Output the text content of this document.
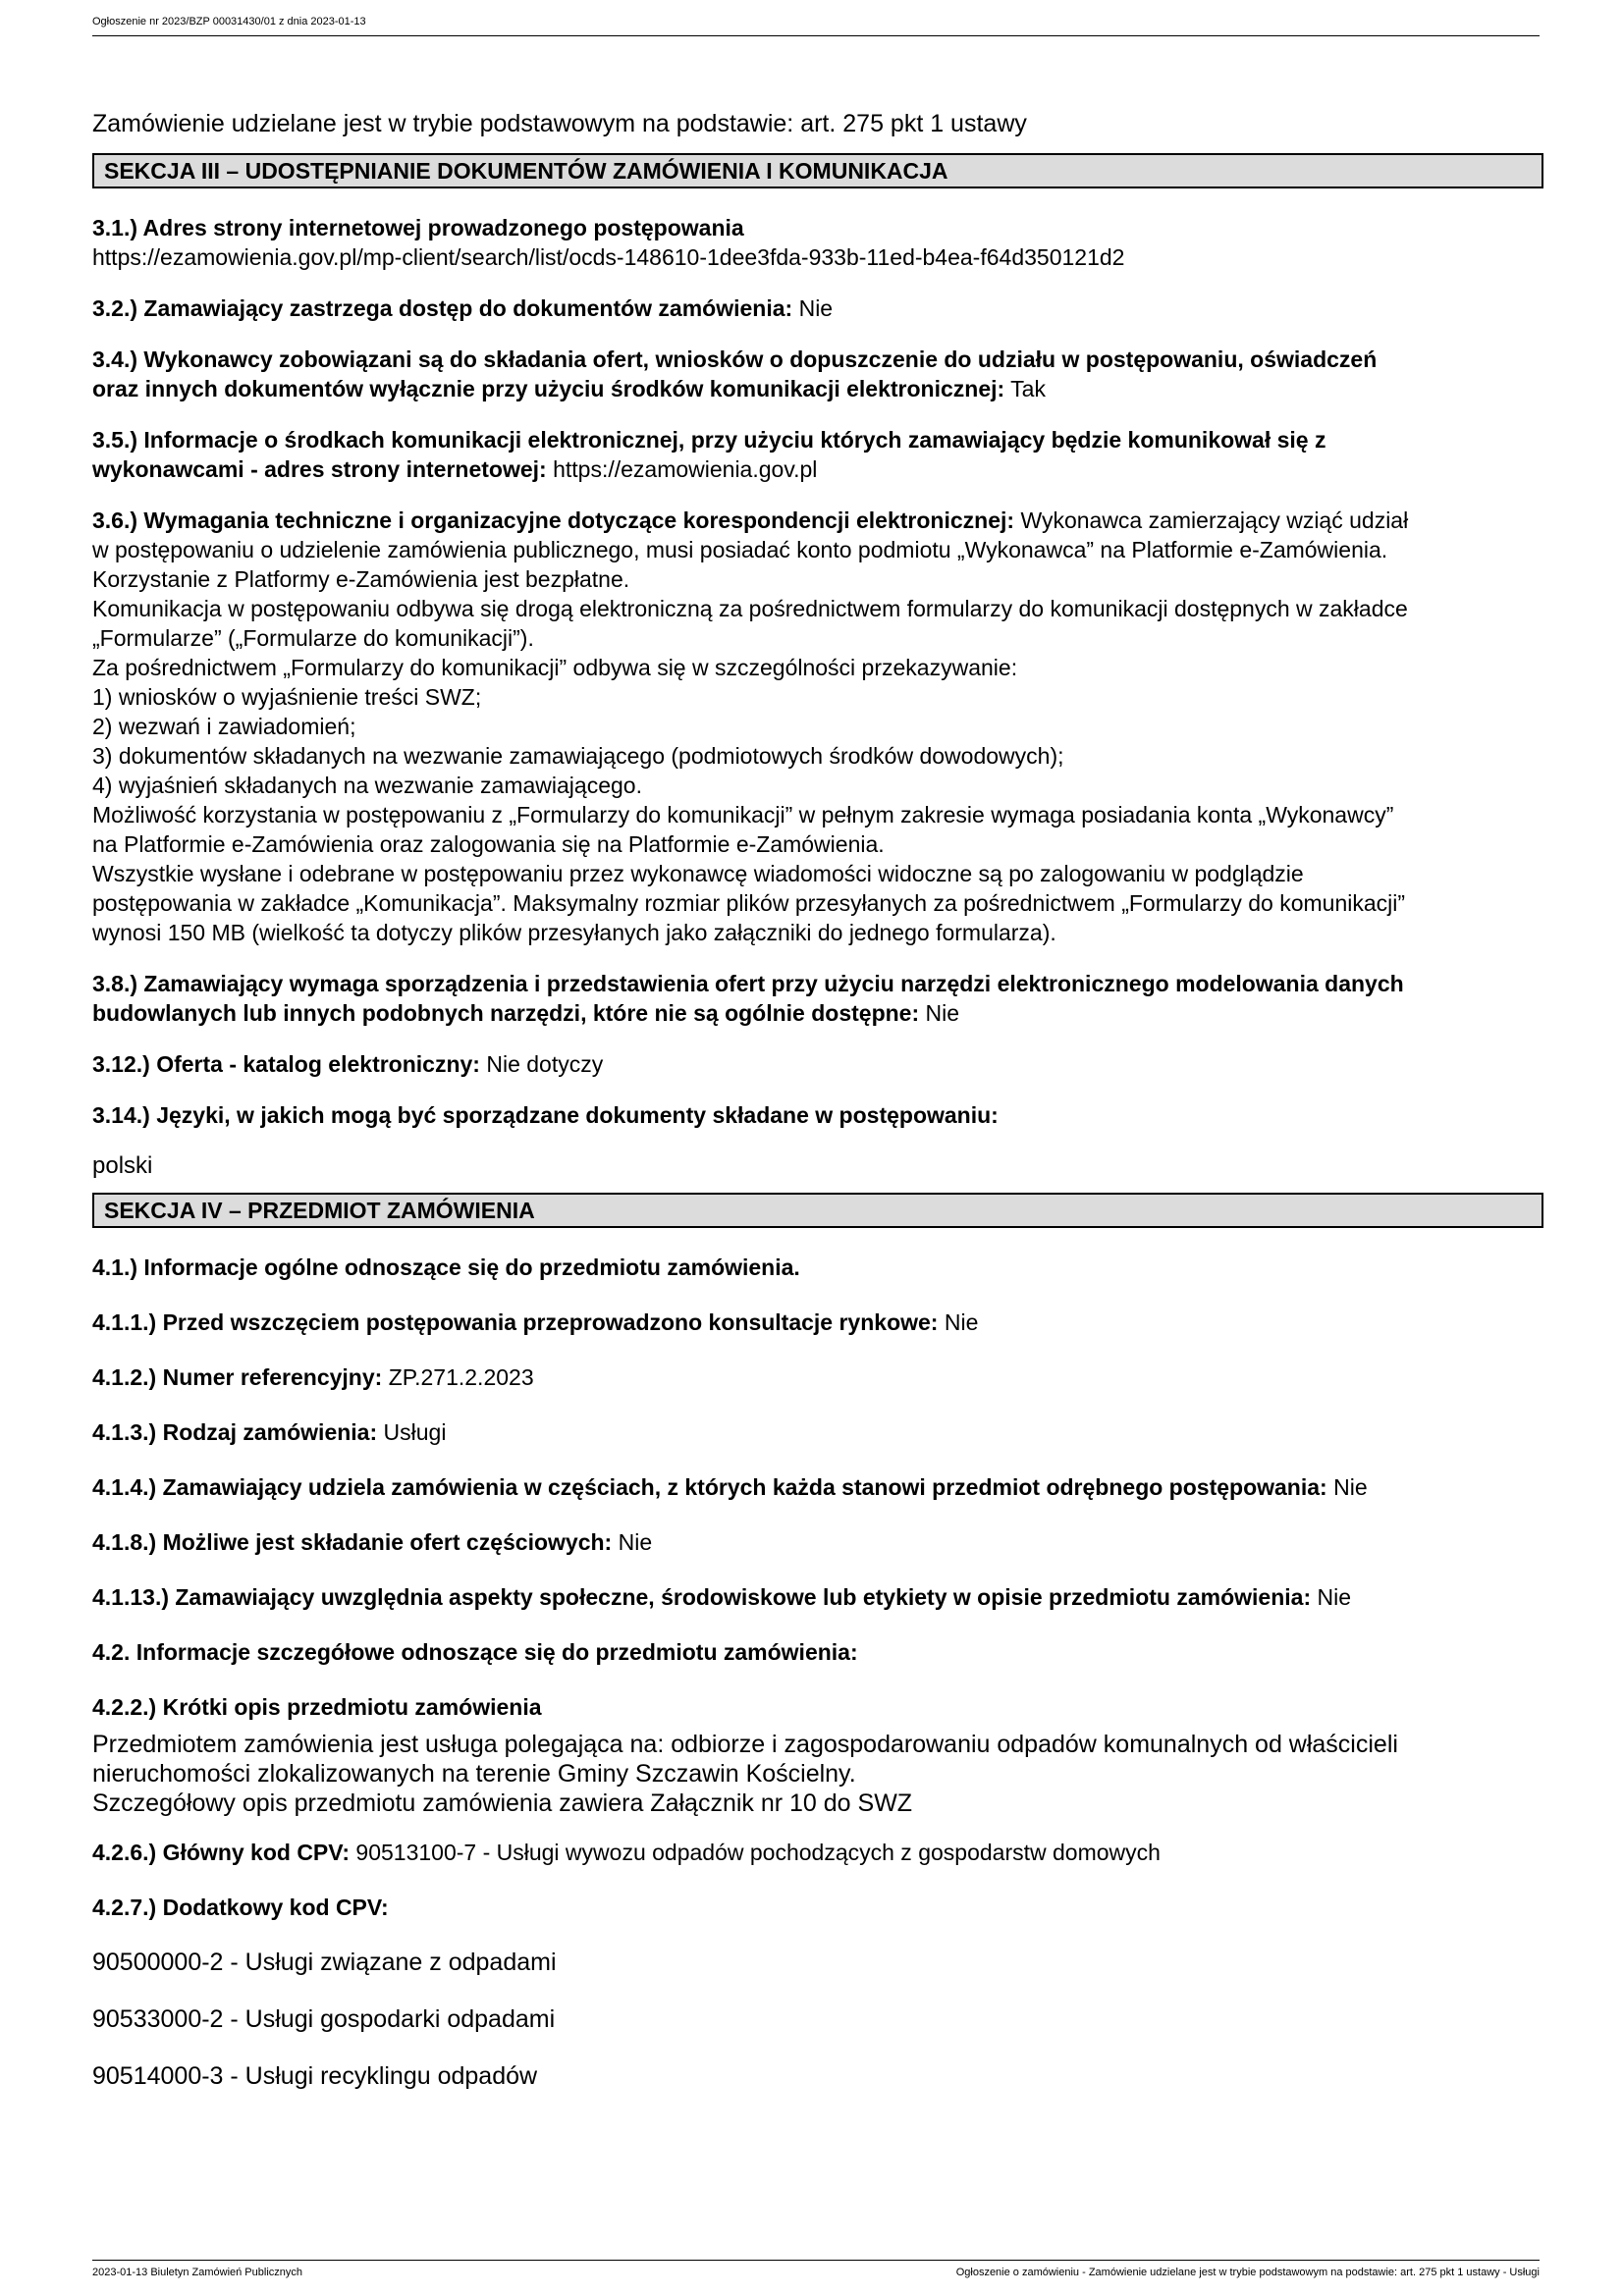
Ogłoszenie nr 2023/BZP 00031430/01 z dnia 2023-01-13
Zamówienie udzielane jest w trybie podstawowym na podstawie: art. 275 pkt 1 ustawy
SEKCJA III – UDOSTĘPNIANIE DOKUMENTÓW ZAMÓWIENIA I KOMUNIKACJA
3.1.) Adres strony internetowej prowadzonego postępowania
https://ezamowienia.gov.pl/mp-client/search/list/ocds-148610-1dee3fda-933b-11ed-b4ea-f64d350121d2
3.2.) Zamawiający zastrzega dostęp do dokumentów zamówienia: Nie
3.4.) Wykonawcy zobowiązani są do składania ofert, wniosków o dopuszczenie do udziału w postępowaniu, oświadczeń
oraz innych dokumentów wyłącznie przy użyciu środków komunikacji elektronicznej: Tak
3.5.) Informacje o środkach komunikacji elektronicznej, przy użyciu których zamawiający będzie komunikował się z
wykonawcami - adres strony internetowej: https://ezamowienia.gov.pl
3.6.) Wymagania techniczne i organizacyjne dotyczące korespondencji elektronicznej: Wykonawca zamierzający wziąć udział
w postępowaniu o udzielenie zamówienia publicznego, musi posiadać konto podmiotu „Wykonawca” na Platformie e-Zamówienia.
Korzystanie z Platformy e-Zamówienia jest bezpłatne.
Komunikacja w postępowaniu odbywa się drogą elektroniczną za pośrednictwem formularzy do komunikacji dostępnych w zakładce
„Formularze” („Formularze do komunikacji”).
Za pośrednictwem „Formularzy do komunikacji” odbywa się w szczególności przekazywanie:
1) wniosków o wyjaśnienie treści SWZ;
2) wezwań i zawiadomień;
3) dokumentów składanych na wezwanie zamawiającego (podmiotowych środków dowodowych);
4) wyjaśnień składanych na wezwanie zamawiającego.
Możliwość korzystania w postępowaniu z „Formularzy do komunikacji” w pełnym zakresie wymaga posiadania konta „Wykonawcy”
na Platformie e-Zamówienia oraz zalogowania się na Platformie e-Zamówienia.
Wszystkie wysłane i odebrane w postępowaniu przez wykonawcę wiadomości widoczne są po zalogowaniu w podglądzie
postępowania w zakładce „Komunikacja”. Maksymalny rozmiar plików przesyłanych za pośrednictwem „Formularzy do komunikacji”
wynosi 150 MB (wielkość ta dotyczy plików przesyłanych jako załączniki do jednego formularza).
3.8.) Zamawiający wymaga sporządzenia i przedstawienia ofert przy użyciu narzędzi elektronicznego modelowania danych
budowlanych lub innych podobnych narzędzi, które nie są ogólnie dostępne: Nie
3.12.) Oferta - katalog elektroniczny: Nie dotyczy
3.14.) Języki, w jakich mogą być sporządzane dokumenty składane w postępowaniu:
polski
SEKCJA IV – PRZEDMIOT ZAMÓWIENIA
4.1.) Informacje ogólne odnoszące się do przedmiotu zamówienia.
4.1.1.) Przed wszczęciem postępowania przeprowadzono konsultacje rynkowe: Nie
4.1.2.) Numer referencyjny: ZP.271.2.2023
4.1.3.) Rodzaj zamówienia: Usługi
4.1.4.) Zamawiający udziela zamówienia w częściach, z których każda stanowi przedmiot odrębnego postępowania: Nie
4.1.8.) Możliwe jest składanie ofert częściowych: Nie
4.1.13.) Zamawiający uwzględnia aspekty społeczne, środowiskowe lub etykiety w opisie przedmiotu zamówienia: Nie
4.2. Informacje szczegółowe odnoszące się do przedmiotu zamówienia:
4.2.2.) Krótki opis przedmiotu zamówienia
Przedmiotem zamówienia jest usługa polegająca na: odbiorze i zagospodarowaniu odpadów komunalnych od właścicieli
nieruchomości zlokalizowanych na terenie Gminy Szczawin Kościelny.
Szczegółowy opis przedmiotu zamówienia zawiera Załącznik nr 10 do SWZ
4.2.6.) Główny kod CPV: 90513100-7 - Usługi wywozu odpadów pochodzących z gospodarstw domowych
4.2.7.) Dodatkowy kod CPV:
90500000-2 - Usługi związane z odpadami
90533000-2 - Usługi gospodarki odpadami
90514000-3 - Usługi recyklingu odpadów
2023-01-13 Biuletyn Zamówień Publicznych	Ogłoszenie o zamówieniu - Zamówienie udzielane jest w trybie podstawowym na podstawie: art. 275 pkt 1 ustawy - Usługi
